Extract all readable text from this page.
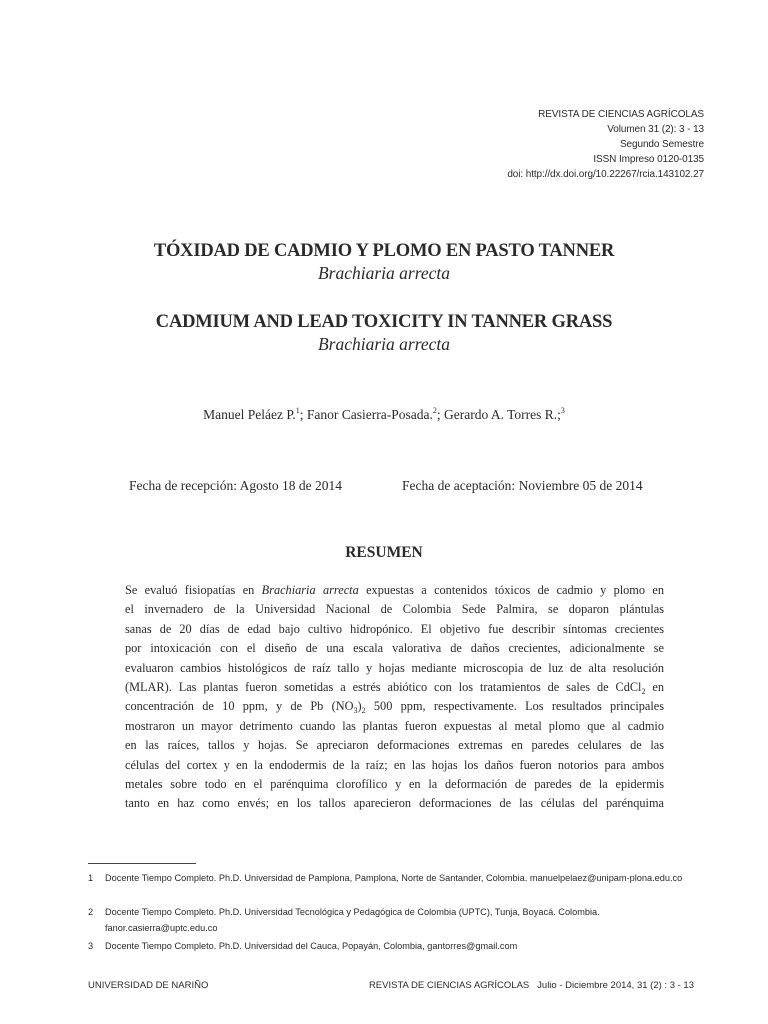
REVISTA DE CIENCIAS AGRÍCOLAS
Volumen 31 (2): 3 - 13
Segundo Semestre
ISSN Impreso 0120-0135
doi: http://dx.doi.org/10.22267/rcia.143102.27
TÓXIDAD DE CADMIO Y PLOMO EN PASTO TANNER
Brachiaria arrecta
CADMIUM AND LEAD TOXICITY IN TANNER GRASS
Brachiaria arrecta
Manuel Peláez P.$^1$; Fanor Casierra-Posada.$^2$; Gerardo A. Torres R.;$^3$
Fecha de recepción: Agosto 18 de 2014	Fecha de aceptación: Noviembre 05 de 2014
RESUMEN
Se evaluó fisiopatías en Brachiaria arrecta expuestas a contenidos tóxicos de cadmio y plomo en
el invernadero de la Universidad Nacional de Colombia Sede Palmira, se doparon plántulas
sanas de 20 días de edad bajo cultivo hidropónico. El objetivo fue describir síntomas crecientes
por intoxicación con el diseño de una escala valorativa de daños crecientes, adicionalmente se
evaluaron cambios histológicos de raíz tallo y hojas mediante microscopia de luz de alta resolución
(MLAR). Las plantas fueron sometidas a estrés abiótico con los tratamientos de sales de CdCl$_2$ en
concentración de 10 ppm, y de Pb $(NO_3)_2$ 500 ppm, respectivamente. Los resultados principales
mostraron un mayor detrimento cuando las plantas fueron expuestas al metal plomo que al cadmio
en las raíces, tallos y hojas. Se apreciaron deformaciones extremas en paredes celulares de las
células del cortex y en la endodermis de la raíz; en las hojas los daños fueron notorios para ambos
metales sobre todo en el parénquima clorofílico y en la deformación de paredes de la epidermis
tanto en haz como envés; en los tallos aparecieron deformaciones de las células del parénquima
1 Docente Tiempo Completo. Ph.D. Universidad de Pamplona, Pamplona, Norte de Santander, Colombia. manuelpelaez@unipam-plona.edu.co
2 Docente Tiempo Completo. Ph.D. Universidad Tecnológica y Pedagógica de Colombia (UPTC), Tunja, Boyacá. Colombia. fanor.casierra@uptc.edu.co
3 Docente Tiempo Completo. Ph.D. Universidad del Cauca, Popayán, Colombia, gantorres@gmail.com
UNIVERSIDAD DE NARIÑO	REVISTA DE CIENCIAS AGRÍCOLAS   Julio - Diciembre 2014, 31 (2) : 3 - 13
